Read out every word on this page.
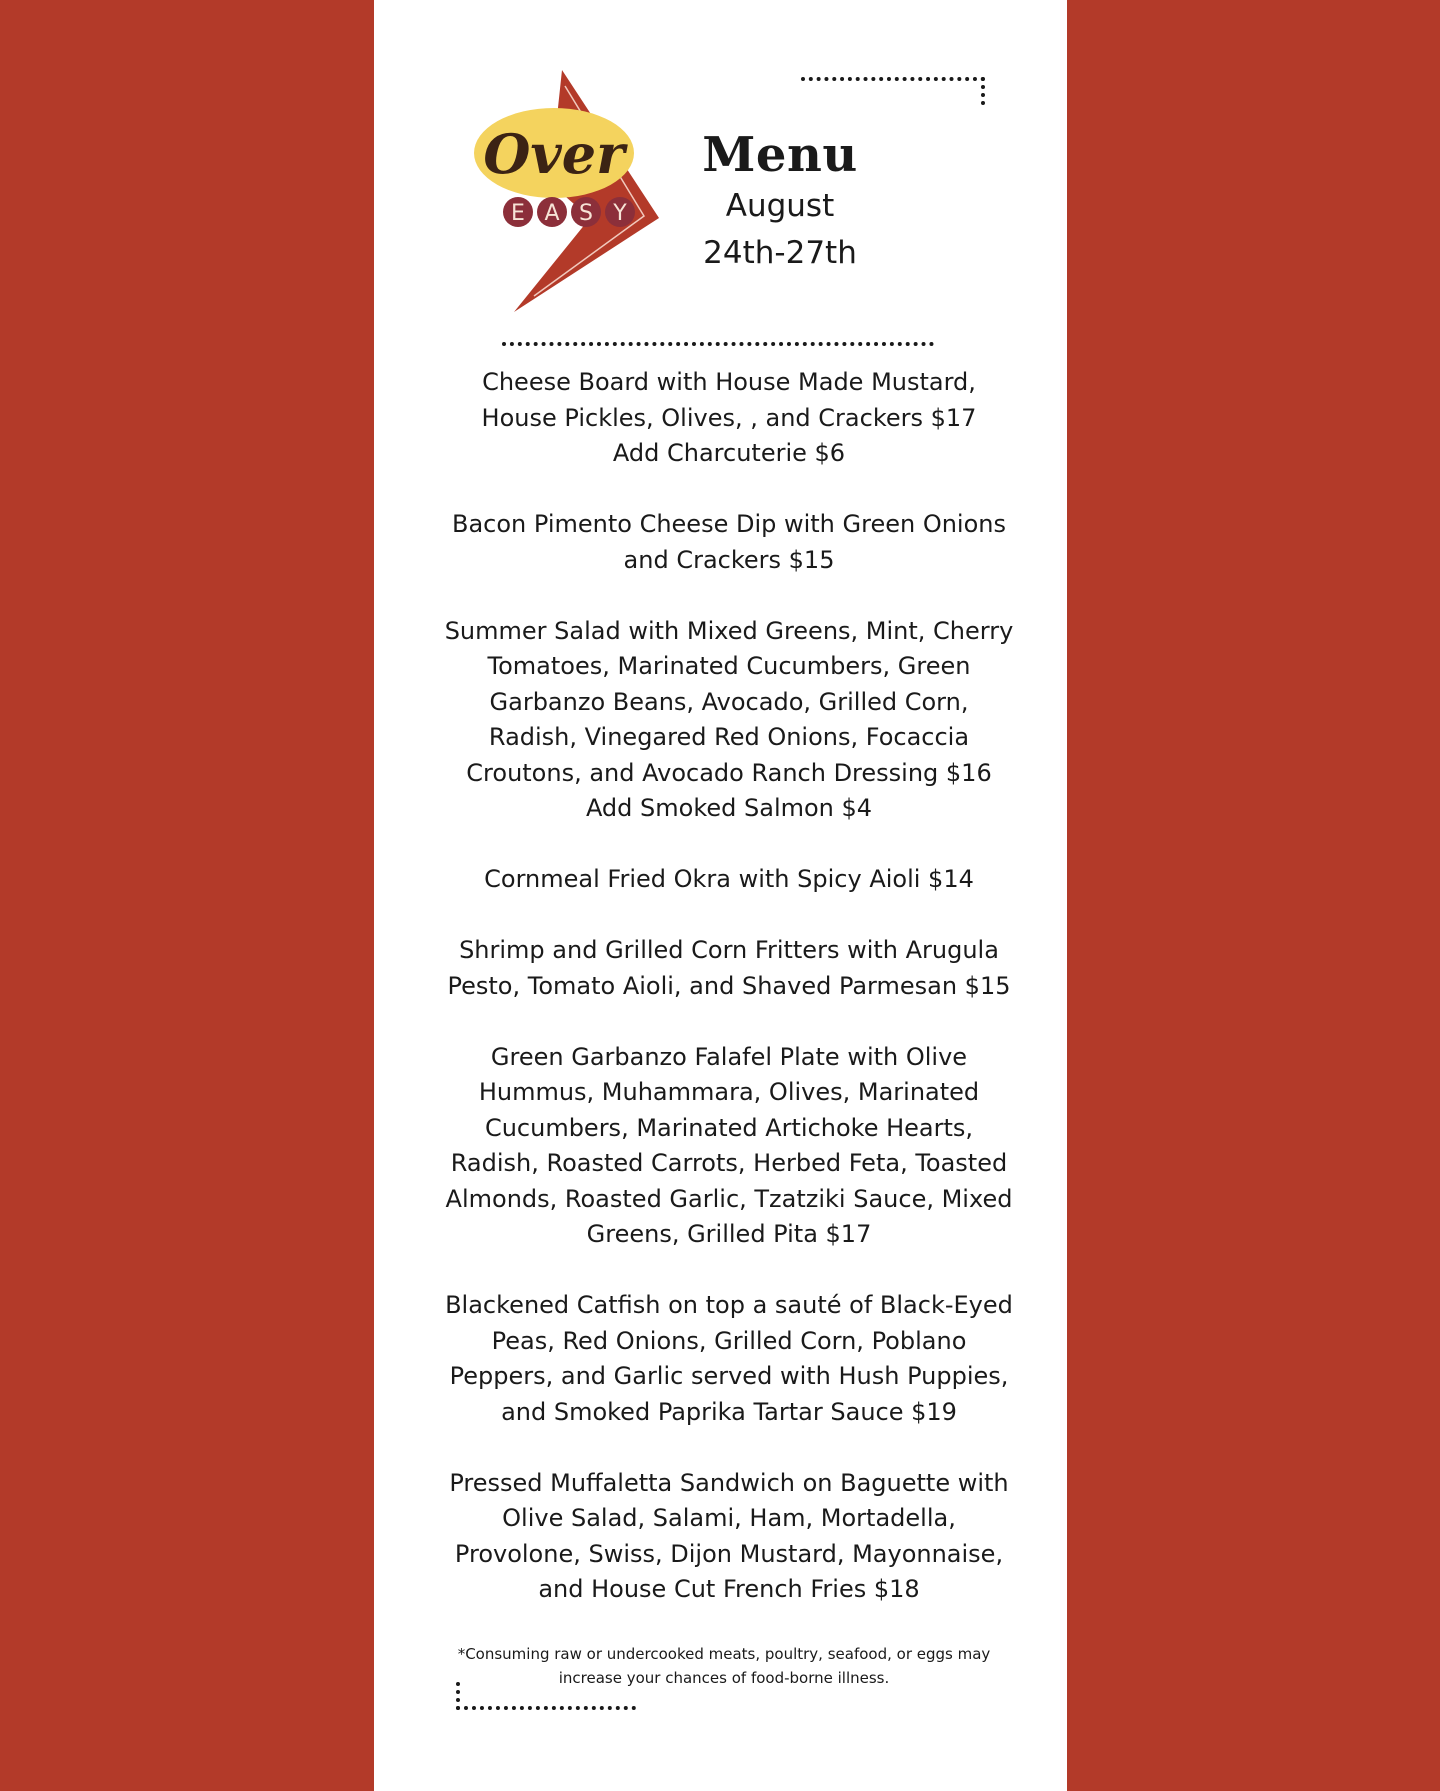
Over
E A S Y
Menu
August
24th-27th

Cheese Board with House Made Mustard, House Pickles, Olives, , and Crackers $17

Add Charcuterie $6

Bacon Pimento Cheese Dip with Green Onions and Crackers $15

Summer Salad with Mixed Greens, Mint, Cherry Tomatoes, Marinated Cucumbers, Green Garbanzo Beans, Avocado, Grilled Corn, Radish, Vinegared Red Onions, Focaccia Croutons, and Avocado Ranch Dressing $16 Add Smoked Salmon $4

Cornmeal Fried Okra with Spicy Aioli $14

Shrimp and Grilled Corn Fritters with Arugula Pesto, Tomato Aioli, and Shaved Parmesan $15

Green Garbanzo Falafel Plate with Olive Hummus, Muhammara, Olives, Marinated Cucumbers, Marinated Artichoke Hearts, Radish, Roasted Carrots, Herbed Feta, Toasted Almonds, Roasted Garlic, Tzatziki Sauce, Mixed Greens, Grilled Pita $17

Blackened Catfish on top a sauté of Black-Eyed Peas, Red Onions, Grilled Corn, Poblano Peppers, and Garlic served with Hush Puppies, and Smoked Paprika Tartar Sauce $19

Pressed Muffaletta Sandwich on Baguette with Olive Salad, Salami, Ham, Mortadella, Provolone, Swiss, Dijon Mustard, Mayonnaise, and House Cut French Fries $18

*Consuming raw or undercooked meats, poultry, seafood, or eggs may increase your chances of food-borne illness.
